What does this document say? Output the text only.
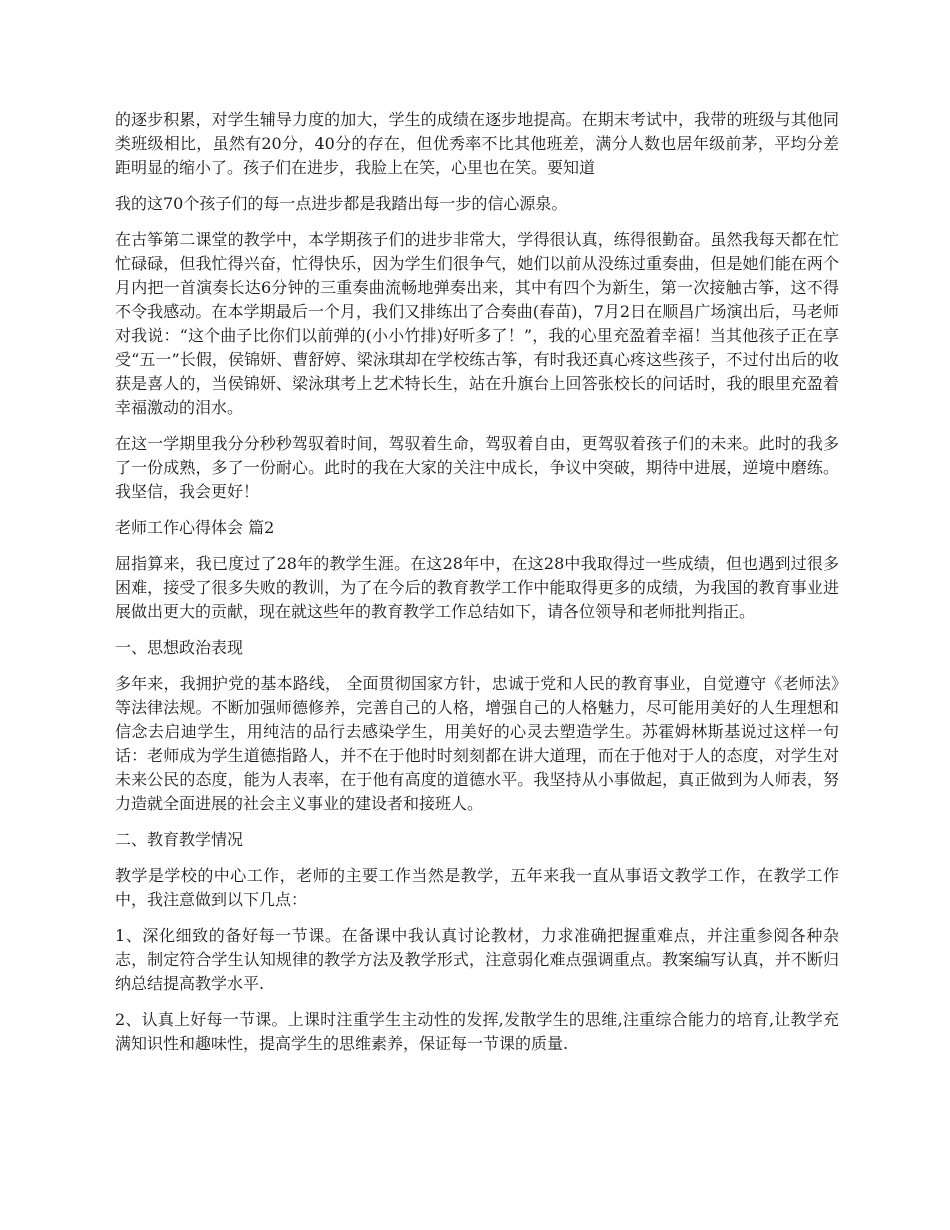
的逐步积累，对学生辅导力度的加大，学生的成绩在逐步地提高。在期末考试中，我带的班级与其他同类班级相比，虽然有20分，40分的存在，但优秀率不比其他班差，满分人数也居年级前茅，平均分差距明显的缩小了。孩子们在进步，我脸上在笑，心里也在笑。要知道

我的这70个孩子们的每一点进步都是我踏出每一步的信心源泉。

在古筝第二课堂的教学中，本学期孩子们的进步非常大，学得很认真，练得很勤奋。虽然我每天都在忙忙碌碌，但我忙得兴奋，忙得快乐，因为学生们很争气，她们以前从没练过重奏曲，但是她们能在两个月内把一首演奏长达6分钟的三重奏曲流畅地弹奏出来，其中有四个为新生，第一次接触古筝，这不得不令我感动。在本学期最后一个月，我们又排练出了合奏曲(春苗)，7月2日在顺昌广场演出后，马老师对我说：“这个曲子比你们以前弹的(小小竹排)好听多了！”，我的心里充盈着幸福！当其他孩子正在享受“五一”长假，侯锦妍、曹舒婷、梁泳琪却在学校练古筝，有时我还真心疼这些孩子，不过付出后的收获是喜人的，当侯锦妍、梁泳琪考上艺术特长生，站在升旗台上回答张校长的问话时，我的眼里充盈着幸福激动的泪水。

在这一学期里我分分秒秒驾驭着时间，驾驭着生命，驾驭着自由，更驾驭着孩子们的未来。此时的我多了一份成熟，多了一份耐心。此时的我在大家的关注中成长，争议中突破，期待中进展，逆境中磨练。我坚信，我会更好！

老师工作心得体会 篇2

屈指算来，我已度过了28年的教学生涯。在这28年中，在这28中我取得过一些成绩，但也遇到过很多困难，接受了很多失败的教训，为了在今后的教育教学工作中能取得更多的成绩，为我国的教育事业进展做出更大的贡献，现在就这些年的教育教学工作总结如下，请各位领导和老师批判指正。

一、思想政治表现

多年来，我拥护党的基本路线， 全面贯彻国家方针，忠诚于党和人民的教育事业，自觉遵守《老师法》等法律法规。不断加强师德修养，完善自己的人格，增强自己的人格魅力，尽可能用美好的人生理想和信念去启迪学生，用纯洁的品行去感染学生，用美好的心灵去塑造学生。苏霍姆林斯基说过这样一句话：老师成为学生道德指路人，并不在于他时时刻刻都在讲大道理，而在于他对于人的态度，对学生对未来公民的态度，能为人表率，在于他有高度的道德水平。我坚持从小事做起，真正做到为人师表，努力造就全面进展的社会主义事业的建设者和接班人。

二、教育教学情况

教学是学校的中心工作，老师的主要工作当然是教学，五年来我一直从事语文教学工作，在教学工作中，我注意做到以下几点：

1、深化细致的备好每一节课。在备课中我认真讨论教材，力求准确把握重难点，并注重参阅各种杂志，制定符合学生认知规律的教学方法及教学形式，注意弱化难点强调重点。教案编写认真，并不断归纳总结提高教学水平.

2、认真上好每一节课。上课时注重学生主动性的发挥,发散学生的思维,注重综合能力的培育,让教学充满知识性和趣味性，提高学生的思维素养，保证每一节课的质量.
